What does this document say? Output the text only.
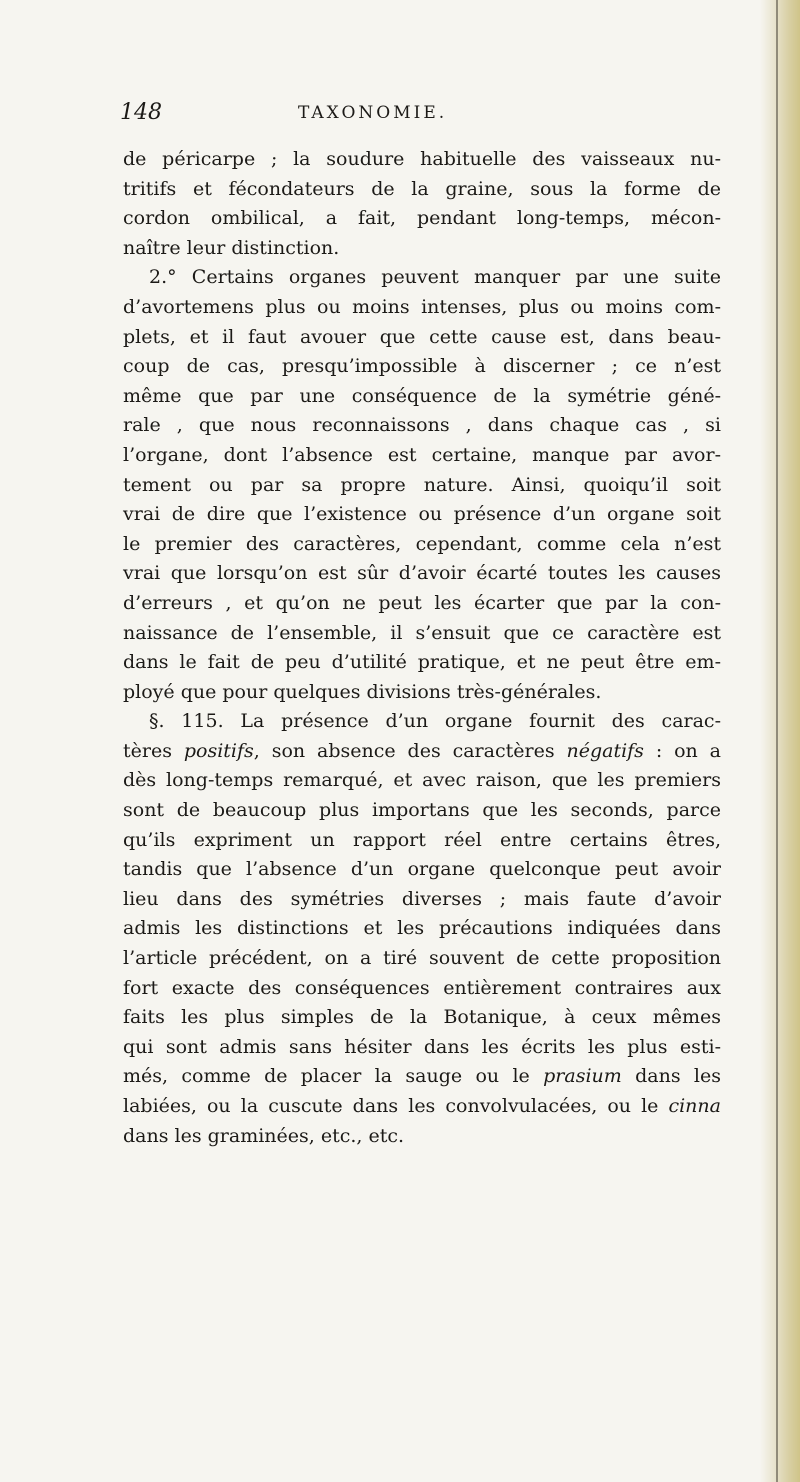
148	TAXONOMIE.
de péricarpe ; la soudure habituelle des vaisseaux nu-
tritifs et fécondateurs de la graine, sous la forme de
cordon ombilical, a fait, pendant long-temps, mécon-
naître leur distinction.
2.° Certains organes peuvent manquer par une suite
d’avortemens plus ou moins intenses, plus ou moins com-
plets, et il faut avouer que cette cause est, dans beau-
coup de cas, presqu’impossible à discerner ; ce n’est
même que par une conséquence de la symétrie géné-
rale , que nous reconnaissons , dans chaque cas , si
l’organe, dont l’absence est certaine, manque par avor-
tement ou par sa propre nature. Ainsi, quoiqu’il soit
vrai de dire que l’existence ou présence d’un organe soit
le premier des caractères, cependant, comme cela n’est
vrai que lorsqu’on est sûr d’avoir écarté toutes les causes
d’erreurs , et qu’on ne peut les écarter que par la con-
naissance de l’ensemble, il s’ensuit que ce caractère est
dans le fait de peu d’utilité pratique, et ne peut être em-
ployé que pour quelques divisions très-générales.
§. 115. La présence d’un organe fournit des carac-
tères positifs, son absence des caractères négatifs : on a
dès long-temps remarqué, et avec raison, que les premiers
sont de beaucoup plus importans que les seconds, parce
qu’ils expriment un rapport réel entre certains êtres,
tandis que l’absence d’un organe quelconque peut avoir
lieu dans des symétries diverses ; mais faute d’avoir
admis les distinctions et les précautions indiquées dans
l’article précédent, on a tiré souvent de cette proposition
fort exacte des conséquences entièrement contraires aux
faits les plus simples de la Botanique, à ceux mêmes
qui sont admis sans hésiter dans les écrits les plus esti-
més, comme de placer la sauge ou le prasium dans les
labiées, ou la cuscute dans les convolvulacées, ou le cinna
dans les graminées, etc., etc.
